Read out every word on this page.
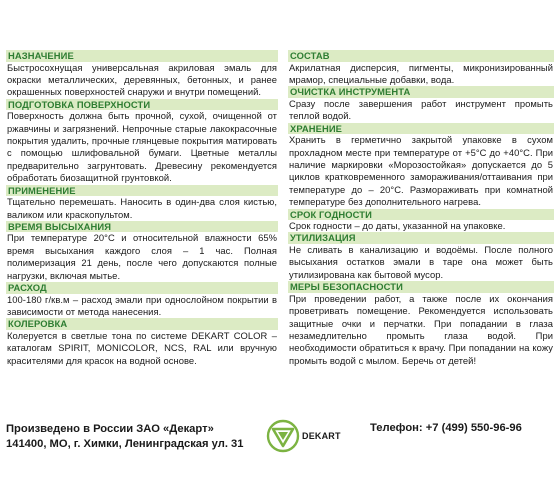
НАЗНАЧЕНИЕ
Быстросохнущая универсальная акриловая эмаль для окраски металлических, деревянных, бетонных, и ранее окрашенных поверхностей снаружи и внутри помещений.
ПОДГОТОВКА ПОВЕРХНОСТИ
Поверхность должна быть прочной, сухой, очищенной от ржавчины и загрязнений. Непрочные старые лакокрасочные покрытия удалить, прочные глянцевые покрытия матировать с помощью шлифовальной бумаги. Цветные металлы предварительно загрунтовать. Древесину рекомендуется обработать биозащитной грунтовкой.
ПРИМЕНЕНИЕ
Тщательно перемешать. Наносить в один-два слоя кистью, валиком или краскопультом.
ВРЕМЯ ВЫСЫХАНИЯ
При температуре 20°С и относительной влажности 65% время высыхания каждого слоя – 1 час. Полная полимеризация 21 день, после чего допускаются полные нагрузки, включая мытье.
РАСХОД
100-180 г/кв.м – расход эмали при однослойном покрытии в зависимости от метода нанесения.
КОЛЕРОВКА
Колеруется в светлые тона по системе DEKART COLOR – каталогам SPIRIT, MONICOLOR, NCS, RAL или вручную красителями для красок на водной основе.
СОСТАВ
Акрилатная дисперсия, пигменты, микронизированный мрамор, специальные добавки, вода.
ОЧИСТКА ИНСТРУМЕНТА
Сразу после завершения работ инструмент промыть теплой водой.
ХРАНЕНИЕ
Хранить в герметично закрытой упаковке в сухом прохладном месте при температуре от +5°С до +40°С. При наличие маркировки «Морозостойкая» допускается до 5 циклов кратковременного замораживания/оттаивания при температуре до – 20°С. Размораживать при комнатной температуре без дополнительного нагрева.
СРОК ГОДНОСТИ
Срок годности – до даты, указанной на упаковке.
УТИЛИЗАЦИЯ
Не сливать в канализацию и водоёмы. После полного высыхания остатков эмали в таре она может быть утилизирована как бытовой мусор.
МЕРЫ БЕЗОПАСНОСТИ
При проведении работ, а также после их окончания проветривать помещение. Рекомендуется использовать защитные очки и перчатки. При попадании в глаза незамедлительно промыть глаза водой. При необходимости обратиться к врачу. При попадании на кожу промыть водой с мылом. Беречь от детей!
Произведено в России ЗАО «Декарт»
141400, МО, г. Химки, Ленинградская ул. 31
DEKART
Телефон: +7 (499) 550-96-96
